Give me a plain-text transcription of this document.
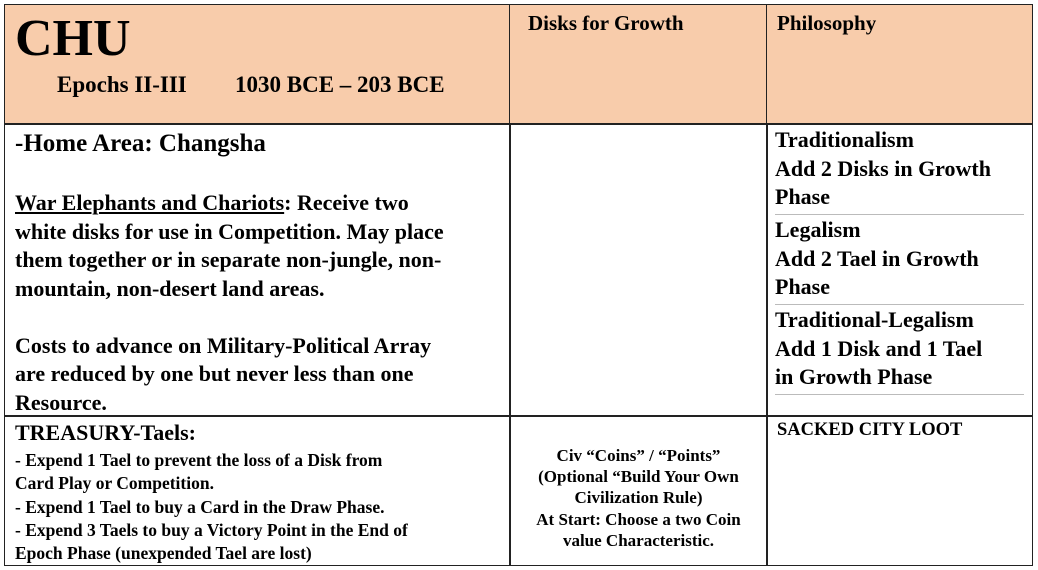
CHU
Epochs II-III 1030 BCE – 203 BCE
Disks for Growth	Philosophy
-Home Area: Changsha
War Elephants and Chariots: Receive two
white disks for use in Competition. May place
them together or in separate non-jungle, non-
mountain, non-desert land areas.
Costs to advance on Military-Political Array
are reduced by one but never less than one
Resource.
Traditionalism
Add 2 Disks in Growth
Phase
Legalism
Add 2 Tael in Growth
Phase
Traditional-Legalism
Add 1 Disk and 1 Tael
in Growth Phase
TREASURY-Taels:
- Expend 1 Tael to prevent the loss of a Disk from
Card Play or Competition.
- Expend 1 Tael to buy a Card in the Draw Phase.
- Expend 3 Taels to buy a Victory Point in the End of
Epoch Phase (unexpended Tael are lost)
Civ “Coins” / “Points”
(Optional “Build Your Own
Civilization Rule)
At Start: Choose a two Coin
value Characteristic.
SACKED CITY LOOT
